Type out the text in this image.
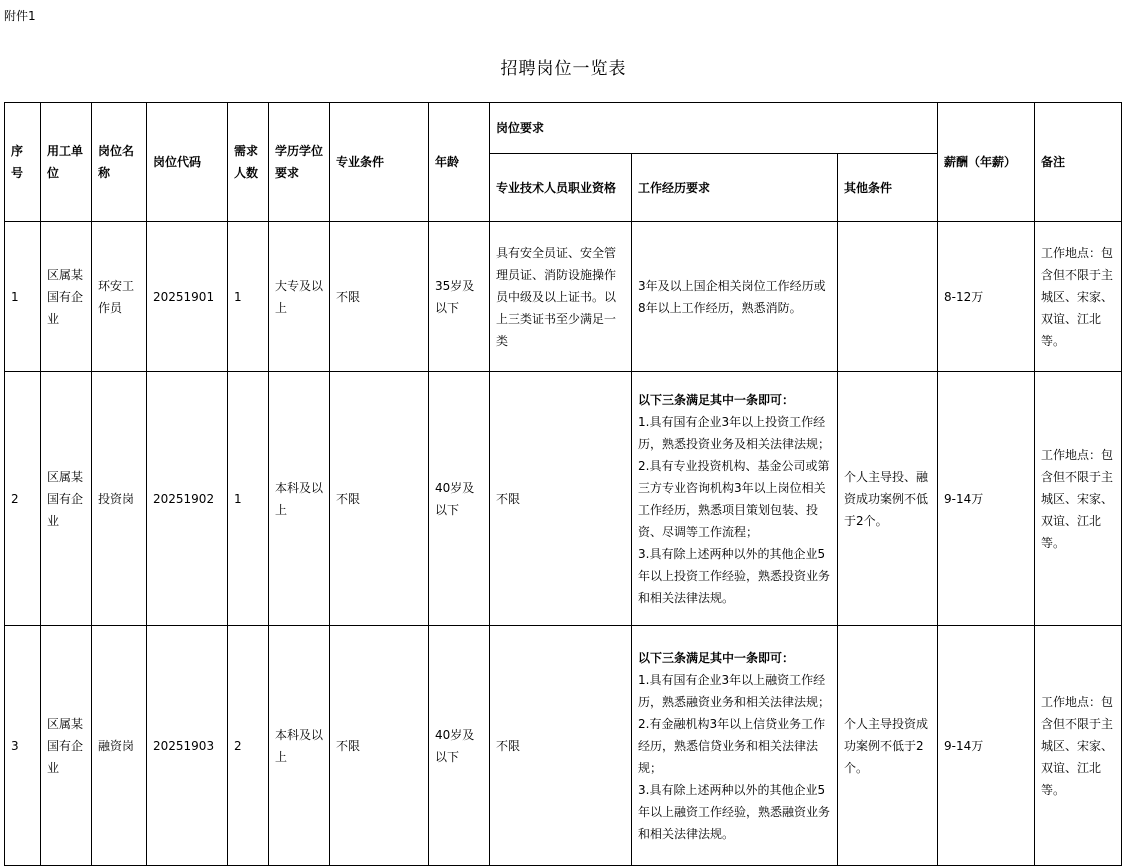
附件1
招聘岗位一览表
序号	用工单位	岗位名称	岗位代码	需求人数	学历学位要求	专业条件	年龄	岗位要求			薪酬（年薪）	备注
								专业技术人员职业资格	工作经历要求	其他条件		
1	区属某国有企业	环安工作员	20251901	1	大专及以上	不限	35岁及以下	具有安全员证、安全管理员证、消防设施操作员中级及以上证书。以上三类证书至少满足一类	3年及以上国企相关岗位工作经历或8年以上工作经历，熟悉消防。		8-12万	工作地点：包含但不限于主城区、宋家、双谊、江北等。
2	区属某国有企业	投资岗	20251902	1	本科及以上	不限	40岁及以下	不限	以下三条满足其中一条即可：
1.具有国有企业3年以上投资工作经历，熟悉投资业务及相关法律法规；
2.具有专业投资机构、基金公司或第三方专业咨询机构3年以上岗位相关工作经历，熟悉项目策划包装、投资、尽调等工作流程；
3.具有除上述两种以外的其他企业5年以上投资工作经验，熟悉投资业务和相关法律法规。	个人主导投、融资成功案例不低于2个。	9-14万	工作地点：包含但不限于主城区、宋家、双谊、江北等。
3	区属某国有企业	融资岗	20251903	2	本科及以上	不限	40岁及以下	不限	以下三条满足其中一条即可：
1.具有国有企业3年以上融资工作经历，熟悉融资业务和相关法律法规；
2.有金融机构3年以上信贷业务工作经历，熟悉信贷业务和相关法律法规；
3.具有除上述两种以外的其他企业5年以上融资工作经验，熟悉融资业务和相关法律法规。	个人主导投资成功案例不低于2个。	9-14万	工作地点：包含但不限于主城区、宋家、双谊、江北等。
